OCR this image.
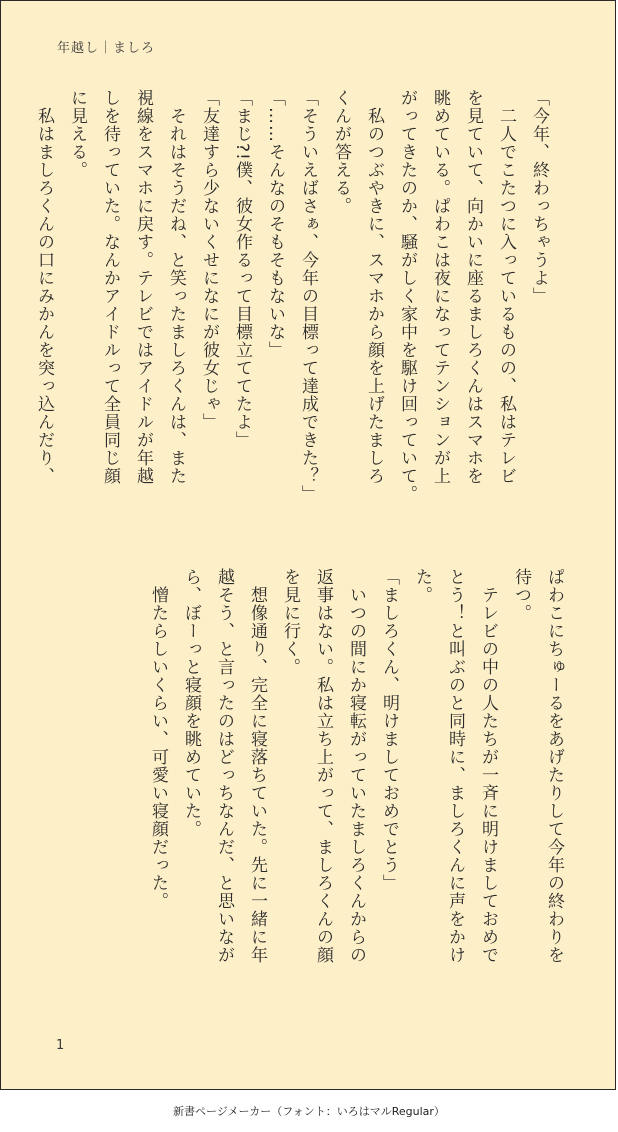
年越し｜ましろ
「今年、終わっちゃうよ」
　二人でこたつに入っているものの、私はテレビ
を見ていて、向かいに座るましろくんはスマホを
眺めている。ぱわこは夜になってテンションが上
がってきたのか、騒がしく家中を駆け回っていて。
　私のつぶやきに、スマホから顔を上げたましろ
くんが答える。
「そういえばさぁ、今年の目標って達成できた？」
「……そんなのそもそもないな」
「まじ?!僕、彼女作るって目標立ててたよ」
「友達すら少ないくせになにが彼女じゃ」
　それはそうだね、と笑ったましろくんは、また
視線をスマホに戻す。テレビではアイドルが年越
しを待っていた。なんかアイドルって全員同じ顔
に見える。
　私はましろくんの口にみかんを突っ込んだり、
ぱわこにちゅーるをあげたりして今年の終わりを
待つ。
　テレビの中の人たちが一斉に明けましておめで
とう！と叫ぶのと同時に、ましろくんに声をかけ
た。
「ましろくん、明けましておめでとう」
　いつの間にか寝転がっていたましろくんからの
返事はない。私は立ち上がって、ましろくんの顔
を見に行く。
　想像通り、完全に寝落ちていた。先に一緒に年
越そう、と言ったのはどっちなんだ、と思いなが
ら、ぼーっと寝顔を眺めていた。
　憎たらしいくらい、可愛い寝顔だった。
1
新書ページメーカー（フォント：いろはマルRegular）
